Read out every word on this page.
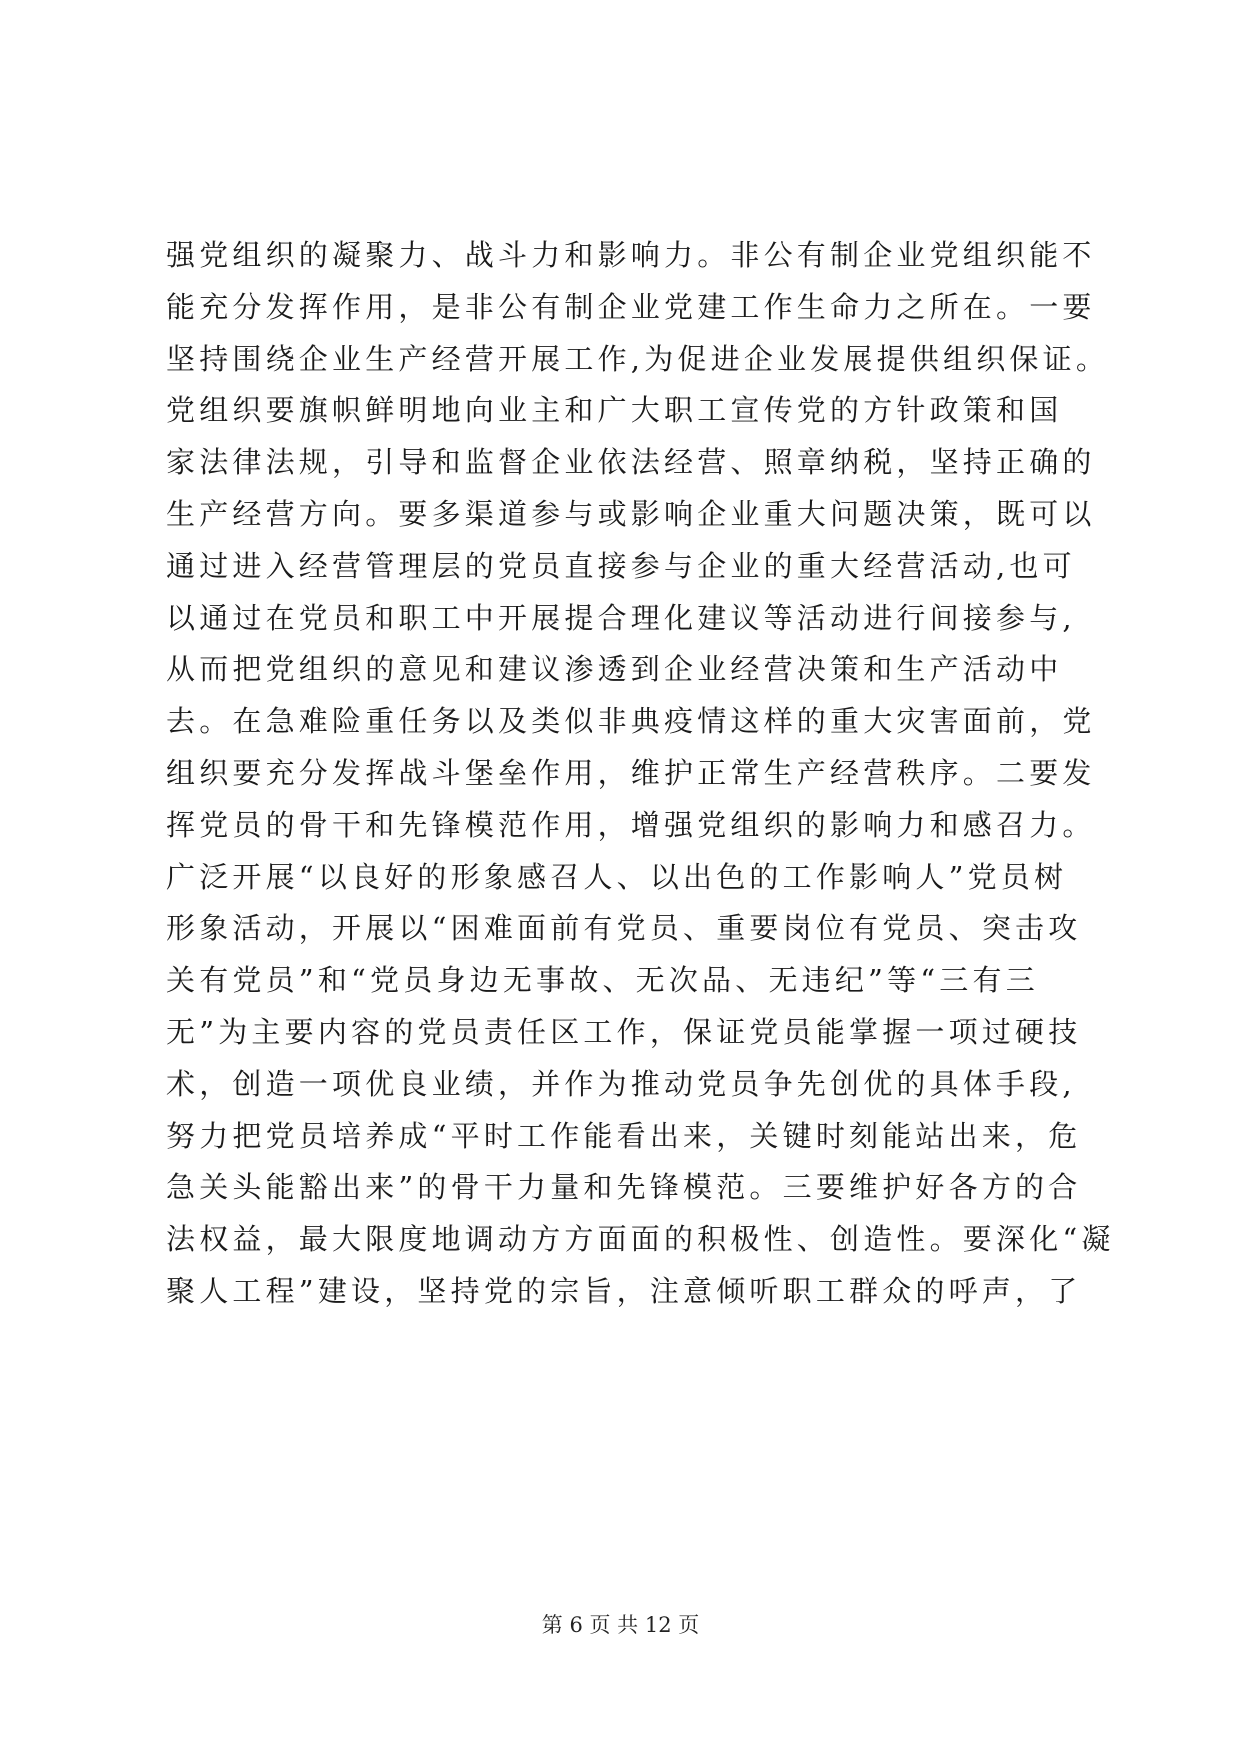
强党组织的凝聚力、战斗力和影响力。非公有制企业党组织能不
能充分发挥作用，是非公有制企业党建工作生命力之所在。一要
坚持围绕企业生产经营开展工作,为促进企业发展提供组织保证。
党组织要旗帜鲜明地向业主和广大职工宣传党的方针政策和国
家法律法规，引导和监督企业依法经营、照章纳税，坚持正确的
生产经营方向。要多渠道参与或影响企业重大问题决策，既可以
通过进入经营管理层的党员直接参与企业的重大经营活动,也可
以通过在党员和职工中开展提合理化建议等活动进行间接参与,
从而把党组织的意见和建议渗透到企业经营决策和生产活动中
去。在急难险重任务以及类似非典疫情这样的重大灾害面前，党
组织要充分发挥战斗堡垒作用，维护正常生产经营秩序。二要发
挥党员的骨干和先锋模范作用，增强党组织的影响力和感召力。
广泛开展“以良好的形象感召人、以出色的工作影响人”党员树
形象活动，开展以“困难面前有党员、重要岗位有党员、突击攻
关有党员”和“党员身边无事故、无次品、无违纪”等“三有三
无”为主要内容的党员责任区工作，保证党员能掌握一项过硬技
术，创造一项优良业绩，并作为推动党员争先创优的具体手段,
努力把党员培养成“平时工作能看出来，关键时刻能站出来，危
急关头能豁出来”的骨干力量和先锋模范。三要维护好各方的合
法权益，最大限度地调动方方面面的积极性、创造性。要深化“凝
聚人工程”建设，坚持党的宗旨，注意倾听职工群众的呼声，了
第 6 页 共 12 页
